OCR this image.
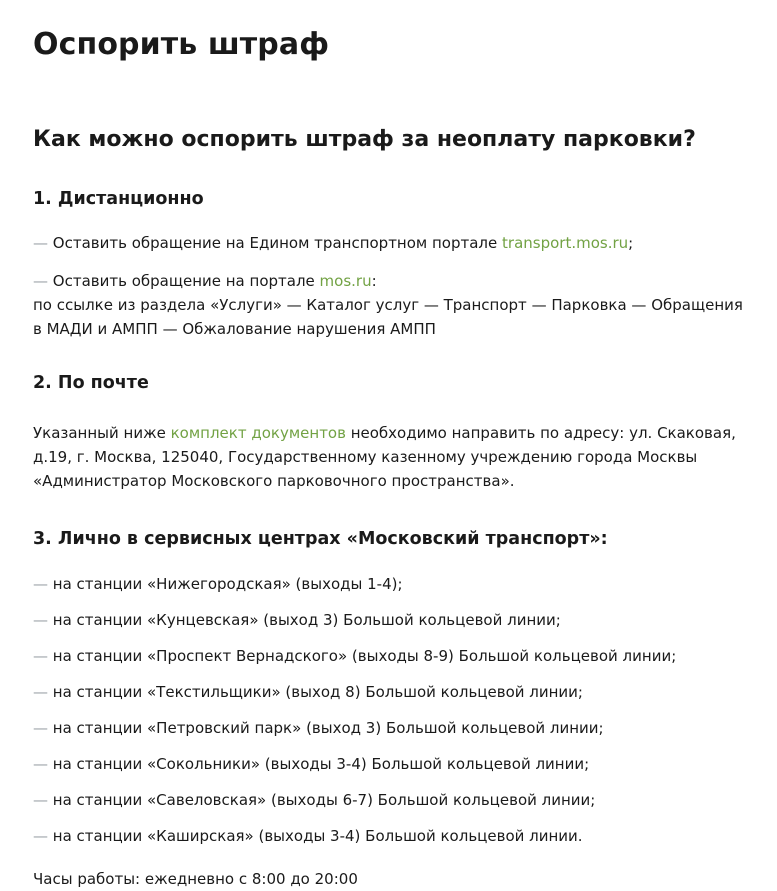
Оспорить штраф
Как можно оспорить штраф за неоплату парковки?
1. Дистанционно

— Оставить обращение на Едином транспортном портале transport.mos.ru;

— Оставить обращение на портале mos.ru:
по ссылке из раздела «Услуги» — Каталог услуг — Транспорт — Парковка — Обращения в МАДИ и АМПП — Обжалование нарушения АМПП

2. По почте

Указанный ниже комплект документов необходимо направить по адресу: ул. Скаковая, д.19, г. Москва, 125040, Государственному казенному учреждению города Москвы «Администратор Московского парковочного пространства».

3. Лично в сервисных центрах «Московский транспорт»:
— на станции «Нижегородская» (выходы 1-4);
— на станции «Кунцевская» (выход 3) Большой кольцевой линии;
— на станции «Проспект Вернадского» (выходы 8-9) Большой кольцевой линии;
— на станции «Текстильщики» (выход 8) Большой кольцевой линии;
— на станции «Петровский парк» (выход 3) Большой кольцевой линии;
— на станции «Сокольники» (выходы 3-4) Большой кольцевой линии;
— на станции «Савеловская» (выходы 6-7) Большой кольцевой линии;
— на станции «Каширская» (выходы 3-4) Большой кольцевой линии.

Часы работы: ежедневно с 8:00 до 20:00
